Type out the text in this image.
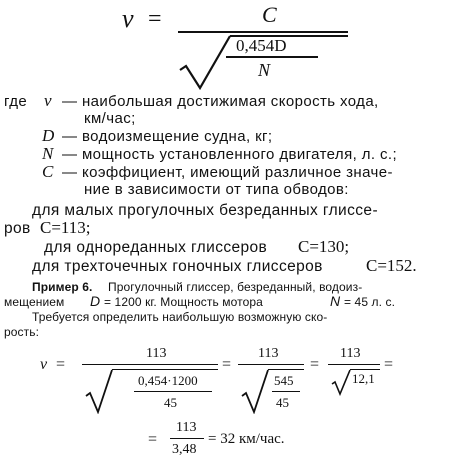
v =	C
0,454D
N
где v — наибольшая достижимая скорость хода,
км/час;
D — водоизмещение судна, кг;
N — мощность установленного двигателя, л. с.;
C — коэффициент, имеющий различное значе-
ние в зависимости от типа обводов:
для малых прогулочных безреданных глиссе-
ров C=113;
для однореданных глиссеров C=130;
для трехточечных гоночных глиссеров	C=152.
Пример 6. Прогулочный глиссер, безреданный, водоиз-
мещением D = 1200 кг. Мощность мотора	N = 45 л. с.
Требуется определить наибольшую возможную ско-
рость:
v =
113
0,454·1200
45
=
113
545
45
=
113
12,1
=
=
113
3,48
= 32 км/час.
